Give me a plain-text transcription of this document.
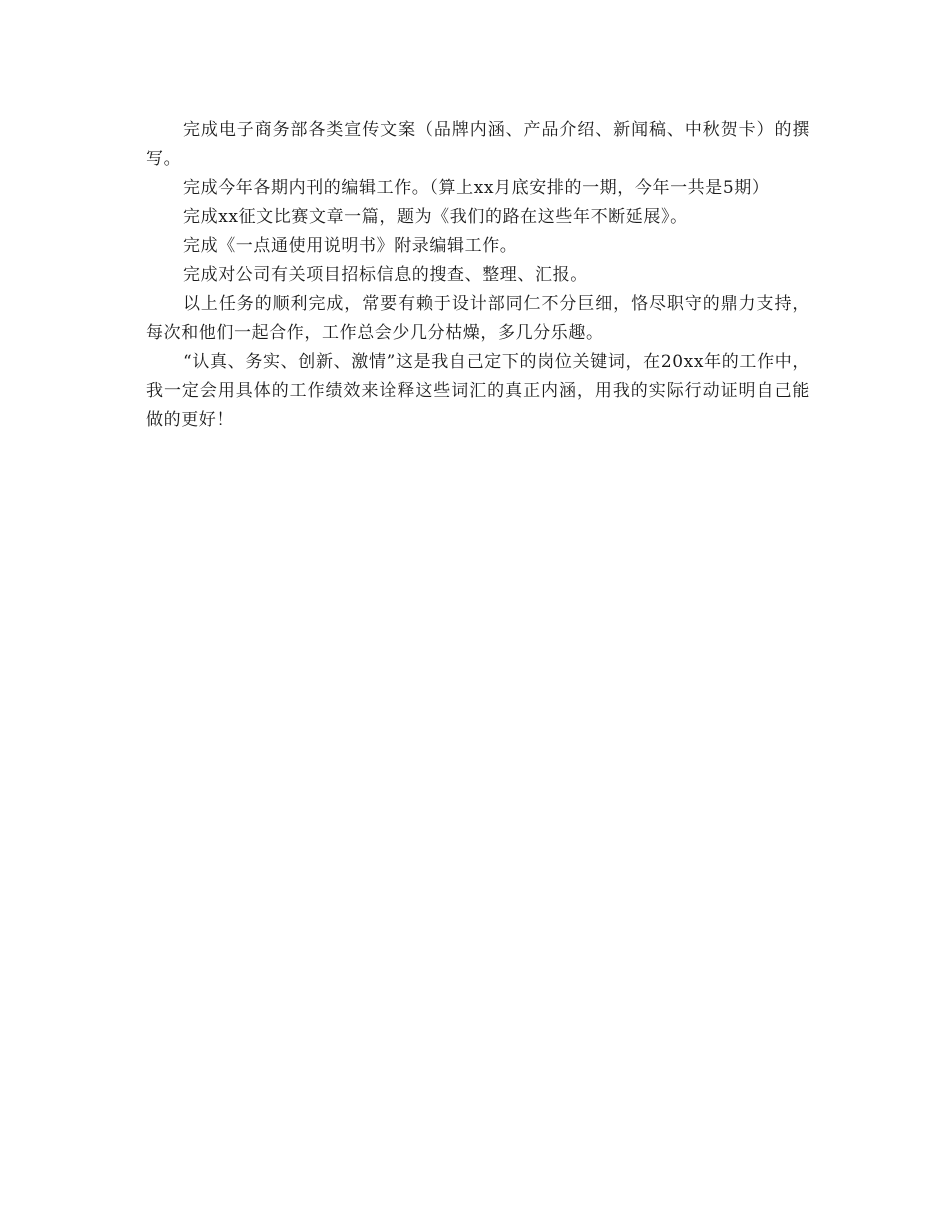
完成电子商务部各类宣传文案（品牌内涵、产品介绍、新闻稿、中秋贺卡）的撰写。

完成今年各期内刊的编辑工作。（算上xx月底安排的一期，今年一共是5期）

完成xx征文比赛文章一篇，题为《我们的路在这些年不断延展》。

完成《一点通使用说明书》附录编辑工作。

完成对公司有关项目招标信息的搜查、整理、汇报。

以上任务的顺利完成，常要有赖于设计部同仁不分巨细，恪尽职守的鼎力支持，每次和他们一起合作，工作总会少几分枯燥，多几分乐趣。

“认真、务实、创新、激情”这是我自己定下的岗位关键词，在20xx年的工作中，我一定会用具体的工作绩效来诠释这些词汇的真正内涵，用我的实际行动证明自己能做的更好！
